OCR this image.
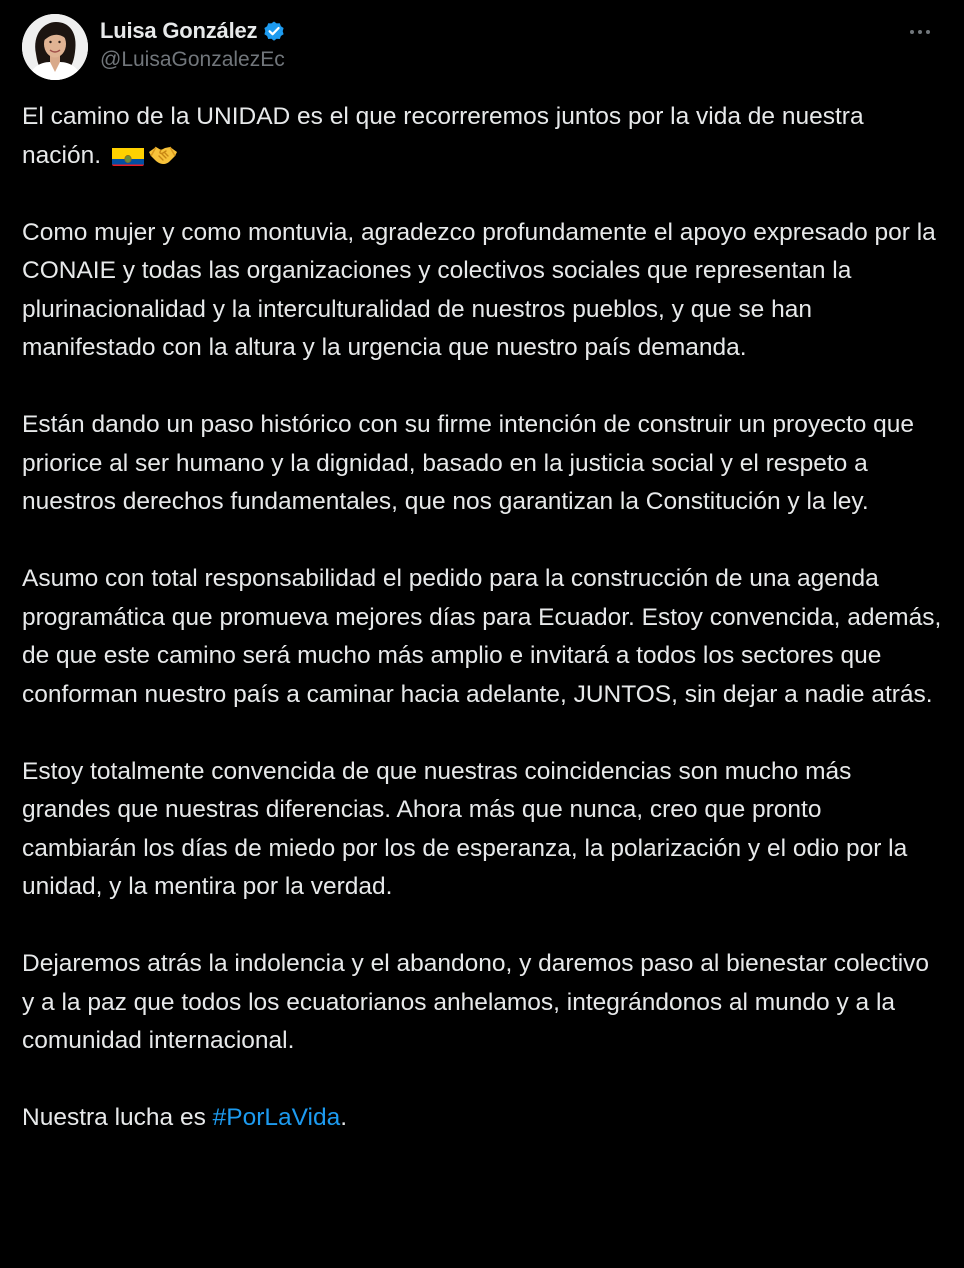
Luisa González
@LuisaGonzalezEc

El camino de la UNIDAD es el que recorreremos juntos por la vida de nuestra nación.

Como mujer y como montuvia, agradezco profundamente el apoyo expresado por la CONAIE y todas las organizaciones y colectivos sociales que representan la plurinacionalidad y la interculturalidad de nuestros pueblos, y que se han manifestado con la altura y la urgencia que nuestro país demanda.

Están dando un paso histórico con su firme intención de construir un proyecto que priorice al ser humano y la dignidad, basado en la justicia social y el respeto a nuestros derechos fundamentales, que nos garantizan la Constitución y la ley.

Asumo con total responsabilidad el pedido para la construcción de una agenda programática que promueva mejores días para Ecuador. Estoy convencida, además, de que este camino será mucho más amplio e invitará a todos los sectores que conforman nuestro país a caminar hacia adelante, JUNTOS, sin dejar a nadie atrás.

Estoy totalmente convencida de que nuestras coincidencias son mucho más grandes que nuestras diferencias. Ahora más que nunca, creo que pronto cambiarán los días de miedo por los de esperanza, la polarización y el odio por la unidad, y la mentira por la verdad.

Dejaremos atrás la indolencia y el abandono, y daremos paso al bienestar colectivo y a la paz que todos los ecuatorianos anhelamos, integrándonos al mundo y a la comunidad internacional.

Nuestra lucha es #PorLaVida.
